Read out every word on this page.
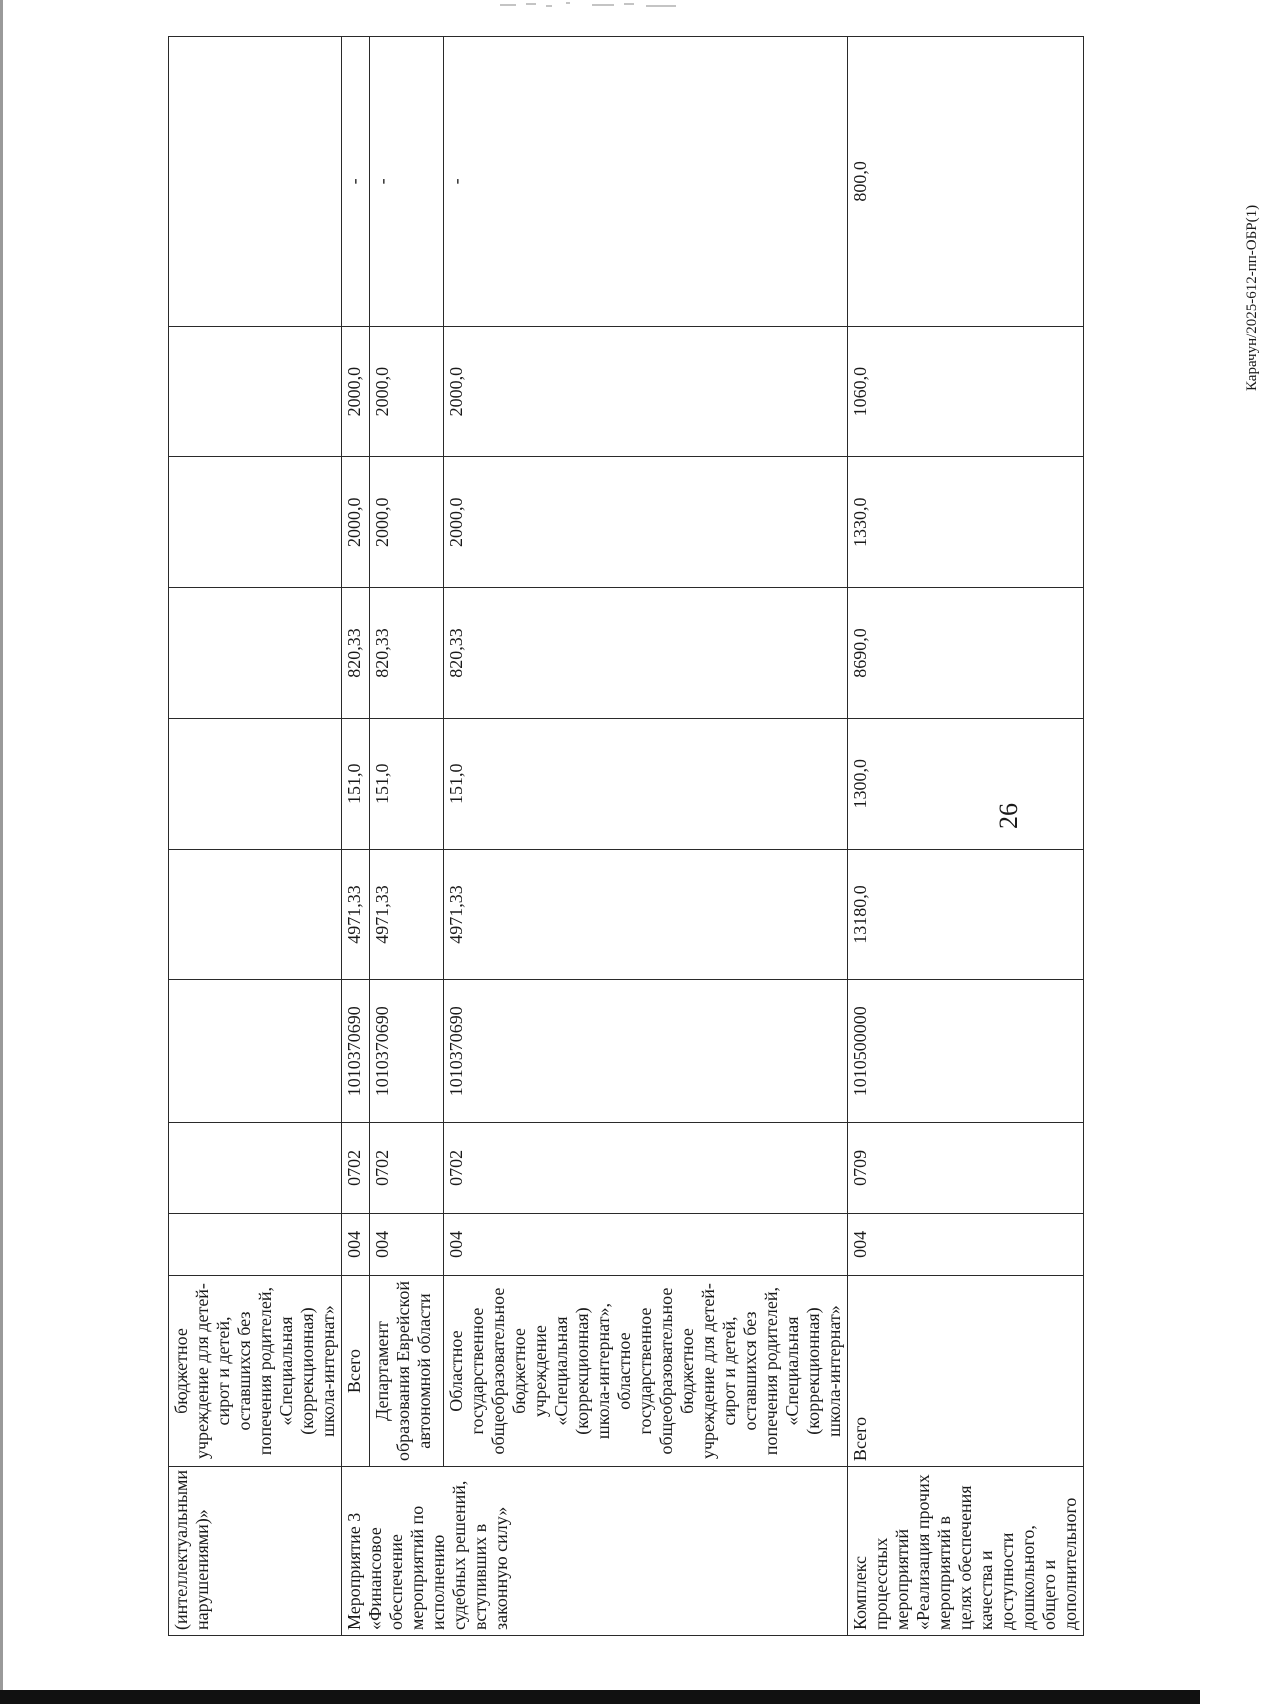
(интеллектуальными нарушениями)»	бюджетное учреждение для детей-сирот и детей, оставшихся без попечения родителей, «Специальная (коррекционная) школа-интернат»									
Мероприятие 3 «Финансовое обеспечение мероприятий по исполнению судебных решений, вступивших в законную силу»	Всего	004	0702	1010370690	4971,33	151,0	820,33	2000,0	2000,0	-
	Департамент образования Еврейской автономной области	004	0702	1010370690	4971,33	151,0	820,33	2000,0	2000,0	-
	Областное государственное общеобразовательное бюджетное учреждение «Специальная (коррекционная) школа-интернат», областное государственное общеобразовательное бюджетное учреждение для детей-сирот и детей, оставшихся без попечения родителей, «Специальная (коррекционная) школа-интернат»	004	0702	1010370690	4971,33	151,0	820,33	2000,0	2000,0	-
Комплекс процессных мероприятий «Реализация прочих мероприятий в целях обеспечения качества и доступности дошкольного, общего и дополнительного	Всего	004	0709	1010500000	13180,0	1300,0	8690,0	1330,0	1060,0	800,0
26
Карачун/2025-612-пп-ОБР(1)
